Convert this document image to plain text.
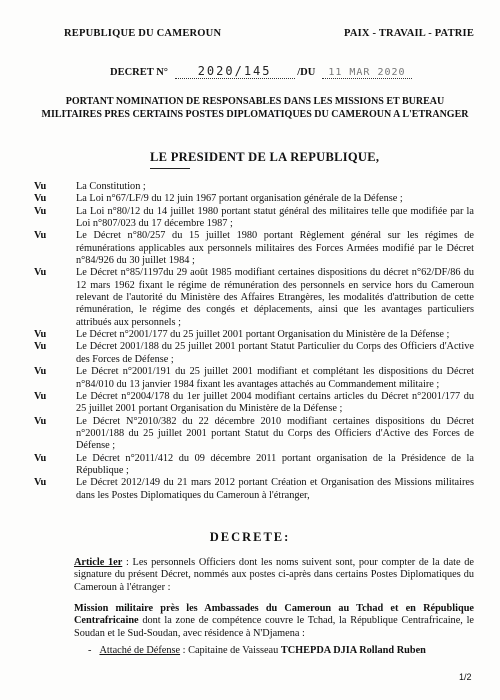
REPUBLIQUE DU CAMEROUN	PAIX - TRAVAIL - PATRIE
DECRET N° 2020/145 /DU 11 MAR 2020
PORTANT NOMINATION DE RESPONSABLES DANS LES MISSIONS ET BUREAU MILITAIRES PRES CERTAINS POSTES DIPLOMATIQUES DU CAMEROUN A L'ETRANGER
LE PRESIDENT DE LA REPUBLIQUE,
Vu	La Constitution ;
Vu	La Loi n°67/LF/9 du 12 juin 1967 portant organisation générale de la Défense ;
Vu	La Loi n°80/12 du 14 juillet 1980 portant statut général des militaires telle que modifiée par la Loi n°807/023 du 17 décembre 1987 ;
Vu	Le Décret n°80/257 du 15 juillet 1980 portant Règlement général sur les régimes de rémunérations applicables aux personnels militaires des Forces Armées modifié par le Décret n°84/926 du 30 juillet 1984 ;
Vu	Le Décret n°85/1197du 29 août 1985 modifiant certaines dispositions du décret n°62/DF/86 du 12 mars 1962 fixant le régime de rémunération des personnels en service hors du Cameroun relevant de l'autorité du Ministère des Affaires Etrangères, les modalités d'attribution de cette rémunération, le régime des congés et déplacements, ainsi que les avantages particuliers attribués aux personnels ;
Vu	Le Décret n°2001/177 du 25 juillet 2001 portant Organisation du Ministère de la Défense ;
Vu	Le Décret 2001/188 du 25 juillet 2001 portant Statut Particulier du Corps des Officiers d'Active des Forces de Défense ;
Vu	Le Décret n°2001/191 du 25 juillet 2001 modifiant et complétant les dispositions du Décret n°84/010 du 13 janvier 1984 fixant les avantages attachés au Commandement militaire ;
Vu	Le Décret n°2004/178 du 1er juillet 2004 modifiant certains articles du Décret n°2001/177 du 25 juillet 2001 portant Organisation du Ministère de la Défense ;
Vu	Le Décret N°2010/382 du 22 décembre 2010 modifiant certaines dispositions du Décret n°2001/188 du 25 juillet 2001 portant Statut du Corps des Officiers d'Active des Forces de Défense ;
Vu	Le Décret n°2011/412 du 09 décembre 2011 portant organisation de la Présidence de la République ;
Vu	Le Décret 2012/149 du 21 mars 2012 portant Création et Organisation des Missions militaires dans les Postes Diplomatiques du Cameroun à l'étranger,
DECRETE:
Article 1er : Les personnels Officiers dont les noms suivent sont, pour compter de la date de signature du présent Décret, nommés aux postes ci-après dans certains Postes Diplomatiques du Cameroun à l'étranger :
Mission militaire près les Ambassades du Cameroun au Tchad et en République Centrafricaine dont la zone de compétence couvre le Tchad, la République Centrafricaine, le Soudan et le Sud-Soudan, avec résidence à N'Djamena :
- Attaché de Défense : Capitaine de Vaisseau TCHEPDA DJIA Rolland Ruben
1/2
